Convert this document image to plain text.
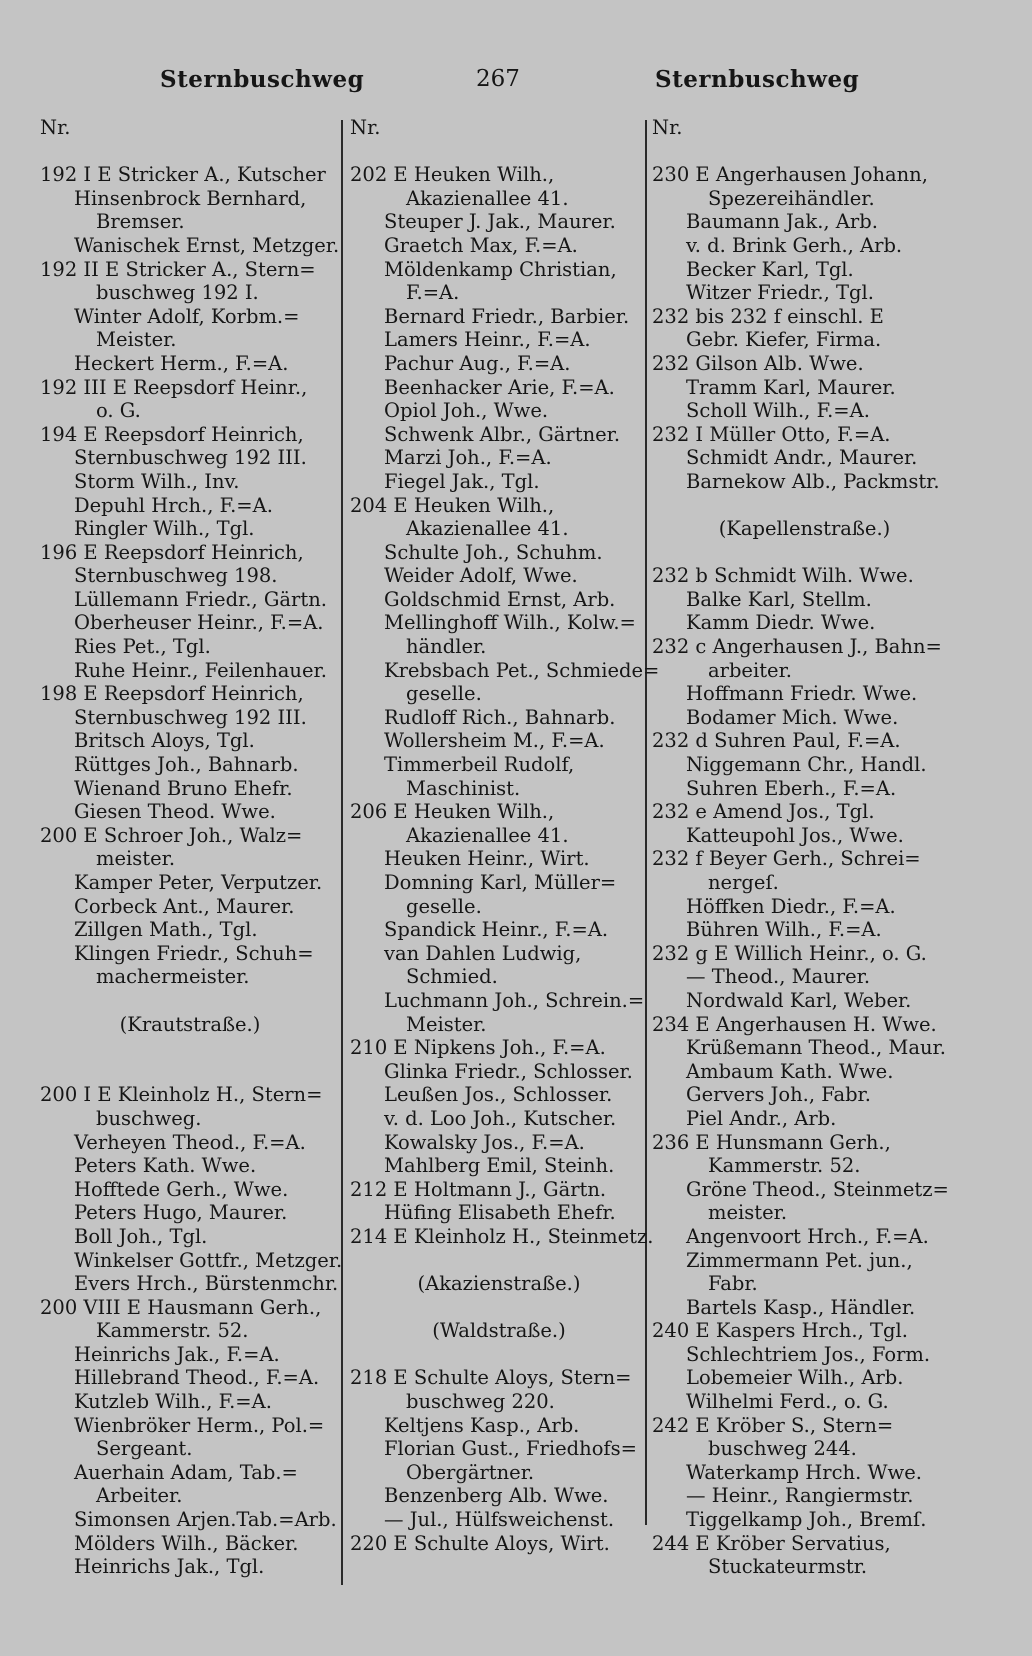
Sternbuschweg	267	Sternbuschweg
Nr.
192 I E Stricker A., Kutscher
Hinsenbrock Bernhard,
Bremser.
Wanischek Ernst, Metzger.
192 II E Stricker A., Stern=
buschweg 192 I.
Winter Adolf, Korbm.=
Meister.
Heckert Herm., F.=A.
192 III E Reepsdorf Heinr.,
o. G.
194 E Reepsdorf Heinrich,
Sternbuschweg 192 III.
Storm Wilh., Inv.
Depuhl Hrch., F.=A.
Ringler Wilh., Tgl.
196 E Reepsdorf Heinrich,
Sternbuschweg 198.
Lüllemann Friedr., Gärtn.
Oberheuser Heinr., F.=A.
Ries Pet., Tgl.
Ruhe Heinr., Feilenhauer.
198 E Reepsdorf Heinrich,
Sternbuschweg 192 III.
Britsch Aloys, Tgl.
Rüttges Joh., Bahnarb.
Wienand Bruno Ehefr.
Giesen Theod. Wwe.
200 E Schroer Joh., Walz=
meister.
Kamper Peter, Verputzer.
Corbeck Ant., Maurer.
Zillgen Math., Tgl.
Klingen Friedr., Schuh=
machermeister.
(Krautstraße.)
200 I E Kleinholz H., Stern=
buschweg.
Verheyen Theod., F.=A.
Peters Kath. Wwe.
Hofftede Gerh., Wwe.
Peters Hugo, Maurer.
Boll Joh., Tgl.
Winkelser Gottfr., Metzger.
Evers Hrch., Bürstenmchr.
200 VIII E Hausmann Gerh.,
Kammerstr. 52.
Heinrichs Jak., F.=A.
Hillebrand Theod., F.=A.
Kutzleb Wilh., F.=A.
Wienbröker Herm., Pol.=
Sergeant.
Auerhain Adam, Tab.=
Arbeiter.
Simonsen Arjen.Tab.=Arb.
Mölders Wilh., Bäcker.
Heinrichs Jak., Tgl.
Nr.
202 E Heuken Wilh.,
Akazienallee 41.
Steuper J. Jak., Maurer.
Graetch Max, F.=A.
Möldenkamp Christian,
F.=A.
Bernard Friedr., Barbier.
Lamers Heinr., F.=A.
Pachur Aug., F.=A.
Beenhacker Arie, F.=A.
Opiol Joh., Wwe.
Schwenk Albr., Gärtner.
Marzi Joh., F.=A.
Fiegel Jak., Tgl.
204 E Heuken Wilh.,
Akazienallee 41.
Schulte Joh., Schuhm.
Weider Adolf, Wwe.
Goldschmid Ernst, Arb.
Mellinghoff Wilh., Kolw.=
händler.
Krebsbach Pet., Schmiede=
geselle.
Rudloff Rich., Bahnarb.
Wollersheim M., F.=A.
Timmerbeil Rudolf,
Maschinist.
206 E Heuken Wilh.,
Akazienallee 41.
Heuken Heinr., Wirt.
Domning Karl, Müller=
geselle.
Spandick Heinr., F.=A.
van Dahlen Ludwig,
Schmied.
Luchmann Joh., Schrein.=
Meister.
210 E Nipkens Joh., F.=A.
Glinka Friedr., Schlosser.
Leußen Jos., Schlosser.
v. d. Loo Joh., Kutscher.
Kowalsky Jos., F.=A.
Mahlberg Emil, Steinh.
212 E Holtmann J., Gärtn.
Hüfing Elisabeth Ehefr.
214 E Kleinholz H., Steinmetz.
(Akazienstraße.)
(Waldstraße.)
218 E Schulte Aloys, Stern=
buschweg 220.
Keltjens Kasp., Arb.
Florian Gust., Friedhofs=
Obergärtner.
Benzenberg Alb. Wwe.
— Jul., Hülfsweichenst.
220 E Schulte Aloys, Wirt.
Nr.
230 E Angerhausen Johann,
Spezereihändler.
Baumann Jak., Arb.
v. d. Brink Gerh., Arb.
Becker Karl, Tgl.
Witzer Friedr., Tgl.
232 bis 232 f einschl. E
Gebr. Kiefer, Firma.
232 Gilson Alb. Wwe.
Tramm Karl, Maurer.
Scholl Wilh., F.=A.
232 I Müller Otto, F.=A.
Schmidt Andr., Maurer.
Barnekow Alb., Packmstr.
(Kapellenstraße.)
232 b Schmidt Wilh. Wwe.
Balke Karl, Stellm.
Kamm Diedr. Wwe.
232 c Angerhausen J., Bahn=
arbeiter.
Hoffmann Friedr. Wwe.
Bodamer Mich. Wwe.
232 d Suhren Paul, F.=A.
Niggemann Chr., Handl.
Suhren Eberh., F.=A.
232 e Amend Jos., Tgl.
Katteupohl Jos., Wwe.
232 f Beyer Gerh., Schrei=
nergeſ.
Höffken Diedr., F.=A.
Bühren Wilh., F.=A.
232 g E Willich Heinr., o. G.
— Theod., Maurer.
Nordwald Karl, Weber.
234 E Angerhausen H. Wwe.
Krüßemann Theod., Maur.
Ambaum Kath. Wwe.
Gervers Joh., Fabr.
Piel Andr., Arb.
236 E Hunsmann Gerh.,
Kammerstr. 52.
Gröne Theod., Steinmetz=
meister.
Angenvoort Hrch., F.=A.
Zimmermann Pet. jun.,
Fabr.
Bartels Kasp., Händler.
240 E Kaspers Hrch., Tgl.
Schlechtriem Jos., Form.
Lobemeier Wilh., Arb.
Wilhelmi Ferd., o. G.
242 E Kröber S., Stern=
buschweg 244.
Waterkamp Hrch. Wwe.
— Heinr., Rangiermstr.
Tiggelkamp Joh., Bremſ.
244 E Kröber Servatius,
Stuckateurmstr.
